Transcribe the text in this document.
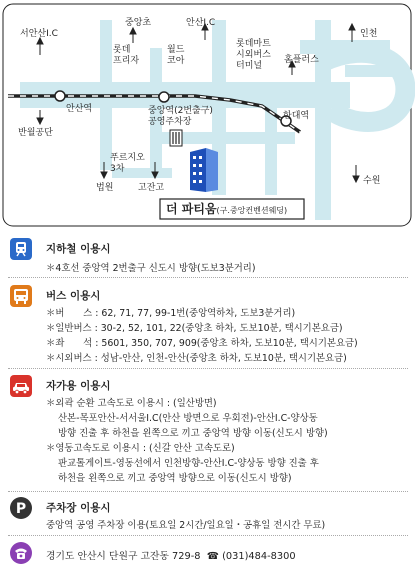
서안산I.C
중앙초	안산I.C
인천
롯데 프리자
월드 코아
롯데마트 시외버스 터미널
홈플러스
안산역	중앙역(2번출구) 공영주차장
한대역
반월공단
푸르지오 3차
법원	고잔고
수원
더 파티움(구.중앙컨벤션웨딩)
지하철 이용시
＊4호선 중앙역 2번출구 신도시 방향(도보3분거리)
버스 이용시
＊버　　스 : 62, 71, 77, 99-1번(중앙역하차, 도보3분거리)
＊일반버스 : 30-2, 52, 101, 22(중앙초 하차, 도보10분, 택시기본요금)
＊좌　　석 : 5601, 350, 707, 909(중앙초 하차, 도보10분, 택시기본요금)
＊시외버스 : 성남-안산, 인천-안산(중앙초 하차, 도보10분, 택시기본요금)
자가용 이용시
＊외곽 순환 고속도로 이용시 : (일산방면)
산본-목포안산-서서울I.C(안산 방면으로 우회전)-안산I.C-양상동
방향 진출 후 하천을 왼쪽으로 끼고 중앙역 방향 이동(신도시 방향)
＊영동고속도로 이용시 : (신갈 안산 고속도로)
판교톨게이트-영동선에서 인천방향-안산I.C-양상동 방향 진출 후
하천을 왼쪽으로 끼고 중앙역 방향으로 이동(신도시 방향)
P 주차장 이용시
중앙역 공영 주차장 이용(토요일 2시간/일요일・공휴일 전시간 무료)
경기도 안산시 단원구 고잔동 729-8 ☎ (031)484-8300
